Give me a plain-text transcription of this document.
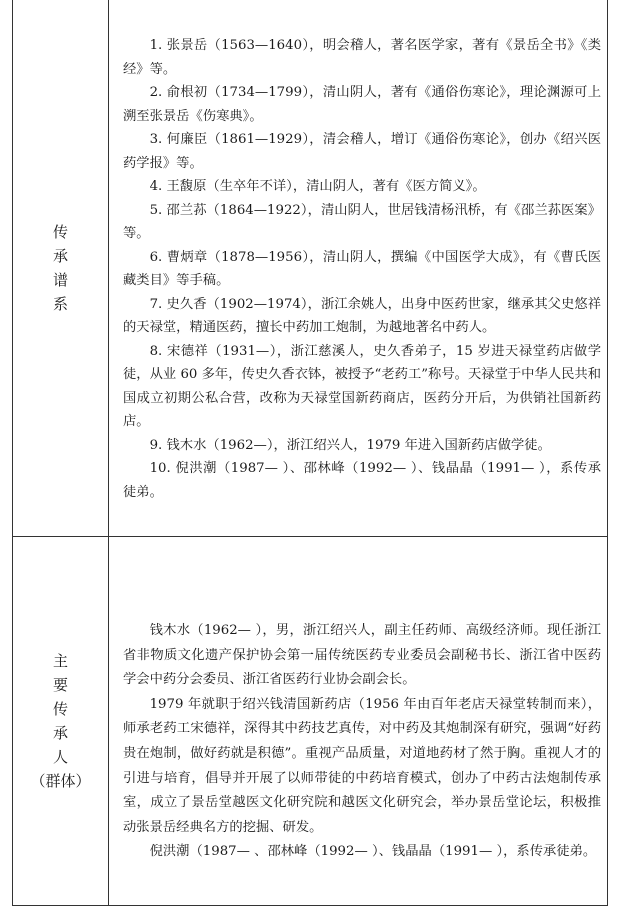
传
承
谱
系

1. 张景岳（1563—1640），明会稽人，著名医学家，著有《景岳全书》《类经》等。

2. 俞根初（1734—1799），清山阴人，著有《通俗伤寒论》，理论渊源可上溯至张景岳《伤寒典》。

3. 何廉臣（1861—1929），清会稽人，增订《通俗伤寒论》，创办《绍兴医药学报》等。

4. 王馥原（生卒年不详），清山阴人，著有《医方简义》。

5. 邵兰荪（1864—1922），清山阴人，世居钱清杨汛桥，有《邵兰荪医案》等。

6. 曹炳章（1878—1956），清山阴人，撰编《中国医学大成》，有《曹氏医藏类目》等手稿。

7. 史久香（1902—1974），浙江余姚人，出身中医药世家，继承其父史悠祥的天禄堂，精通医药，擅长中药加工炮制，为越地著名中药人。

8. 宋德祥（1931—），浙江慈溪人，史久香弟子，15 岁进天禄堂药店做学徒，从业 60 多年，传史久香衣钵，被授予“老药工”称号。天禄堂于中华人民共和国成立初期公私合营，改称为天禄堂国新药商店，医药分开后，为供销社国新药店。

9. 钱木水（1962—），浙江绍兴人，1979 年进入国新药店做学徒。

10. 倪洪潮（1987— ）、邵林峰（1992— ）、钱晶晶（1991— ），系传承徒弟。

主
要
传
承
人
（群体）

钱木水（1962— ），男，浙江绍兴人，副主任药师、高级经济师。现任浙江省非物质文化遗产保护协会第一届传统医药专业委员会副秘书长、浙江省中医药学会中药分会委员、浙江省医药行业协会副会长。

1979 年就职于绍兴钱清国新药店（1956 年由百年老店天禄堂转制而来），师承老药工宋德祥，深得其中药技艺真传，对中药及其炮制深有研究，强调“好药贵在炮制，做好药就是积德”。重视产品质量，对道地药材了然于胸。重视人才的引进与培育，倡导并开展了以师带徒的中药培育模式，创办了中药古法炮制传承室，成立了景岳堂越医文化研究院和越医文化研究会，举办景岳堂论坛，积极推动张景岳经典名方的挖掘、研发。

倪洪潮（1987— 、邵林峰（1992— ）、钱晶晶（1991— ），系传承徒弟。
